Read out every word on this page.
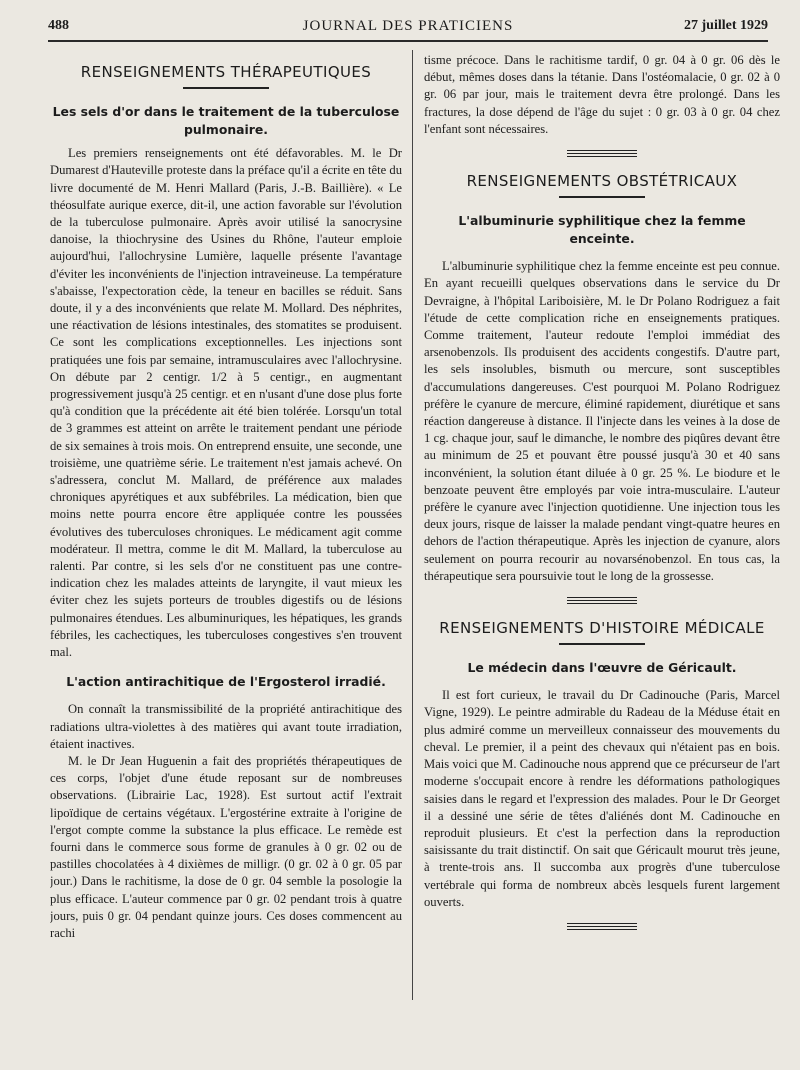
488	JOURNAL DES PRATICIENS	27 juillet 1929
RENSEIGNEMENTS THÉRAPEUTIQUES
Les sels d'or dans le traitement de la tuberculose pulmonaire.

Les premiers renseignements ont été défavorables. M. le Dr Dumarest d'Hauteville proteste dans la préface qu'il a écrite en tête du livre documenté de M. Henri Mallard (Paris, J.-B. Baillière). « Le théosulfate aurique exerce, dit-il, une action favorable sur l'évolution de la tuberculose pulmonaire. Après avoir utilisé la sanocrysine danoise, la thiochrysine des Usines du Rhône, l'auteur emploie aujourd'hui, l'allochrysine Lumière, laquelle présente l'avantage d'éviter les inconvénients de l'injection intraveineuse. La température s'abaisse, l'expectoration cède, la teneur en bacilles se réduit. Sans doute, il y a des inconvénients que relate M. Mollard. Des néphrites, une réactivation de lésions intestinales, des stomatites se produisent. Ce sont les complications exceptionnelles. Les injections sont pratiquées une fois par semaine, intramusculaires avec l'allochrysine. On débute par 2 centigr. 1/2 à 5 centigr., en augmentant progressivement jusqu'à 25 centigr. et en n'usant d'une dose plus forte qu'à condition que la précédente ait été bien tolérée. Lorsqu'un total de 3 grammes est atteint on arrête le traitement pendant une période de six semaines à trois mois. On entreprend ensuite, une seconde, une troisième, une quatrième série. Le traitement n'est jamais achevé. On s'adressera, conclut M. Mallard, de préférence aux malades chroniques apyrétiques et aux subfébriles. La médication, bien que moins nette pourra encore être appliquée contre les poussées évolutives des tuberculoses chroniques. Le médicament agit comme modérateur. Il mettra, comme le dit M. Mallard, la tuberculose au ralenti. Par contre, si les sels d'or ne constituent pas une contre-indication chez les malades atteints de laryngite, il vaut mieux les éviter chez les sujets porteurs de troubles digestifs ou de lésions pulmonaires étendues. Les albuminuriques, les hépatiques, les grands fébriles, les cachectiques, les tuberculoses congestives s'en trouvent mal.

L'action antirachitique de l'Ergosterol irradié.

On connaît la transmissibilité de la propriété antirachitique des radiations ultra-violettes à des matières qui avant toute irradiation, étaient inactives.

M. le Dr Jean Huguenin a fait des propriétés thérapeutiques de ces corps, l'objet d'une étude reposant sur de nombreuses observations. (Librairie Lac, 1928). Est surtout actif l'extrait lipoïdique de certains végétaux. L'ergostérine extraite à l'origine de l'ergot compte comme la substance la plus efficace. Le remède est fourni dans le commerce sous forme de granules à 0 gr. 02 ou de pastilles chocolatées à 4 dixièmes de milligr. (0 gr. 02 à 0 gr. 05 par jour.) Dans le rachitisme, la dose de 0 gr. 04 semble la posologie la plus efficace. L'auteur commence par 0 gr. 02 pendant trois à quatre jours, puis 0 gr. 04 pendant quinze jours. Ces doses commencent au rachi

tisme précoce. Dans le rachitisme tardif, 0 gr. 04 à 0 gr. 06 dès le début, mêmes doses dans la tétanie. Dans l'ostéomalacie, 0 gr. 02 à 0 gr. 06 par jour, mais le traitement devra être prolongé. Dans les fractures, la dose dépend de l'âge du sujet : 0 gr. 03 à 0 gr. 04 chez l'enfant sont nécessaires.

RENSEIGNEMENTS OBSTÉTRICAUX
L'albuminurie syphilitique chez la femme enceinte.

L'albuminurie syphilitique chez la femme enceinte est peu connue. En ayant recueilli quelques observations dans le service du Dr Devraigne, à l'hôpital Lariboisière, M. le Dr Polano Rodriguez a fait l'étude de cette complication riche en enseignements pratiques. Comme traitement, l'auteur redoute l'emploi immédiat des arsenobenzols. Ils produisent des accidents congestifs. D'autre part, les sels insolubles, bismuth ou mercure, sont susceptibles d'accumulations dangereuses. C'est pourquoi M. Polano Rodriguez préfère le cyanure de mercure, éliminé rapidement, diurétique et sans réaction dangereuse à distance. Il l'injecte dans les veines à la dose de 1 cg. chaque jour, sauf le dimanche, le nombre des piqûres devant être au minimum de 25 et pouvant être poussé jusqu'à 30 et 40 sans inconvénient, la solution étant diluée à 0 gr. 25 %. Le biodure et le benzoate peuvent être employés par voie intra-musculaire. L'auteur préfère le cyanure avec l'injection quotidienne. Une injection tous les deux jours, risque de laisser la malade pendant vingt-quatre heures en dehors de l'action thérapeutique. Après les injection de cyanure, alors seulement on pourra recourir au novarsénobenzol. En tous cas, la thérapeutique sera poursuivie tout le long de la grossesse.

RENSEIGNEMENTS D'HISTOIRE MÉDICALE
Le médecin dans l'œuvre de Géricault.

Il est fort curieux, le travail du Dr Cadinouche (Paris, Marcel Vigne, 1929). Le peintre admirable du Radeau de la Méduse était en plus admiré comme un merveilleux connaisseur des mouvements du cheval. Le premier, il a peint des chevaux qui n'étaient pas en bois. Mais voici que M. Cadinouche nous apprend que ce précurseur de l'art moderne s'occupait encore à rendre les déformations pathologiques saisies dans le regard et l'expression des malades. Pour le Dr Georget il a dessiné une série de têtes d'aliénés dont M. Cadinouche en reproduit plusieurs. Et c'est la perfection dans la reproduction saisissante du trait distinctif. On sait que Géricault mourut très jeune, à trente-trois ans. Il succomba aux progrès d'une tuberculose vertébrale qui forma de nombreux abcès lesquels furent largement ouverts.
